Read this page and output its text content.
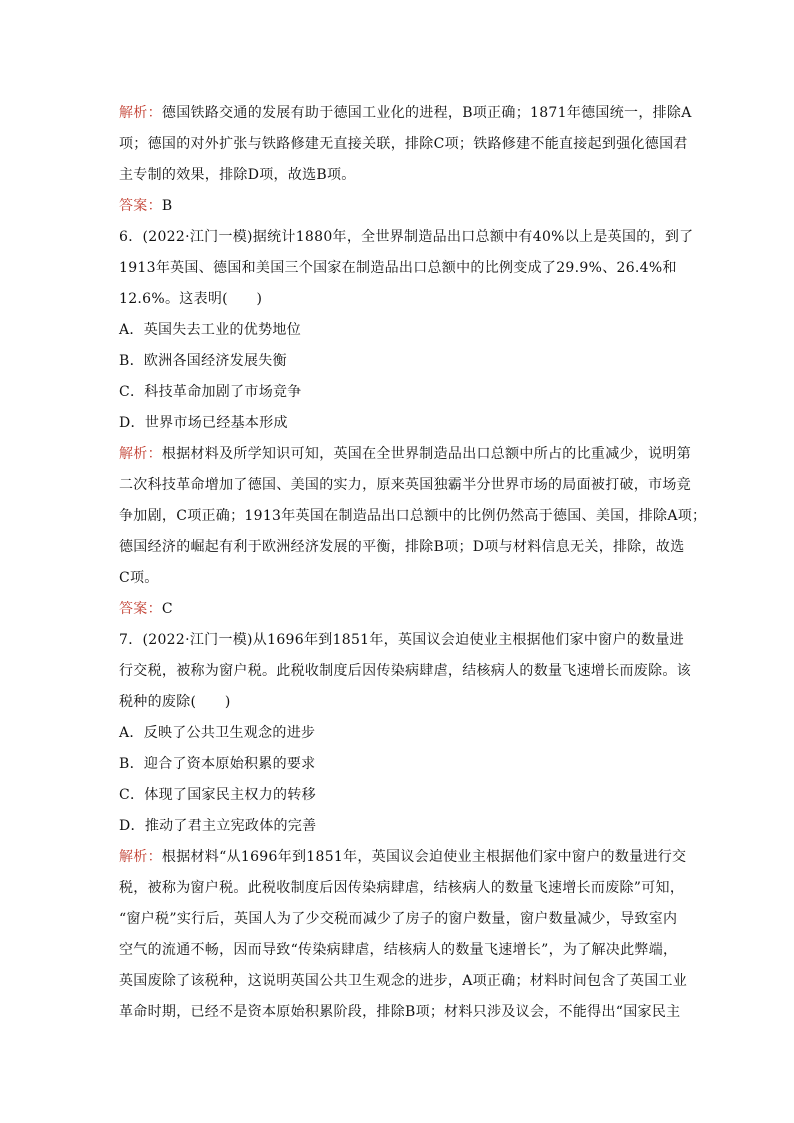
解析：德国铁路交通的发展有助于德国工业化的进程，B项正确；1871年德国统一，排除A
项；德国的对外扩张与铁路修建无直接关联，排除C项；铁路修建不能直接起到强化德国君
主专制的效果，排除D项，故选B项。
答案：B
6．(2022·江门一模)据统计1880年，全世界制造品出口总额中有40%以上是英国的，到了
1913年英国、德国和美国三个国家在制造品出口总额中的比例变成了29.9%、26.4%和
12.6%。这表明(　　)
A．英国失去工业的优势地位
B．欧洲各国经济发展失衡
C．科技革命加剧了市场竞争
D．世界市场已经基本形成
解析：根据材料及所学知识可知，英国在全世界制造品出口总额中所占的比重减少，说明第
二次科技革命增加了德国、美国的实力，原来英国独霸半分世界市场的局面被打破，市场竞
争加剧，C项正确；1913年英国在制造品出口总额中的比例仍然高于德国、美国，排除A项；
德国经济的崛起有利于欧洲经济发展的平衡，排除B项；D项与材料信息无关，排除，故选
C项。
答案：C
7．(2022·江门一模)从1696年到1851年，英国议会迫使业主根据他们家中窗户的数量进
行交税，被称为窗户税。此税收制度后因传染病肆虐，结核病人的数量飞速增长而废除。该
税种的废除(　　)
A．反映了公共卫生观念的进步
B．迎合了资本原始积累的要求
C．体现了国家民主权力的转移
D．推动了君主立宪政体的完善
解析：根据材料“从1696年到1851年，英国议会迫使业主根据他们家中窗户的数量进行交
税，被称为窗户税。此税收制度后因传染病肆虐，结核病人的数量飞速增长而废除”可知，
“窗户税”实行后，英国人为了少交税而减少了房子的窗户数量，窗户数量减少，导致室内
空气的流通不畅，因而导致“传染病肆虐，结核病人的数量飞速增长”，为了解决此弊端，
英国废除了该税种，这说明英国公共卫生观念的进步，A项正确；材料时间包含了英国工业
革命时期，已经不是资本原始积累阶段，排除B项；材料只涉及议会，不能得出“国家民主
